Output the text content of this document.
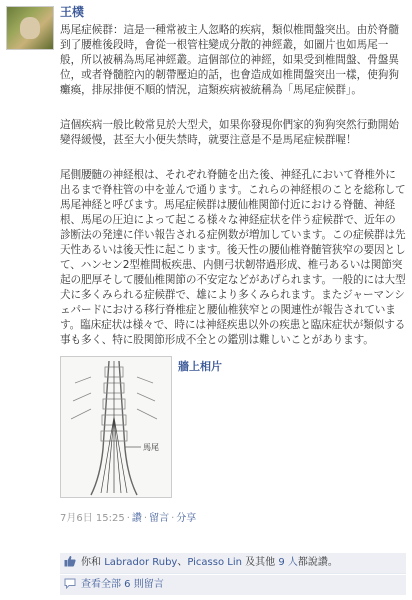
王樸

馬尾症候群：這是一種常被主人忽略的疾病，類似椎間盤突出。由於脊髓到了腰椎後段時，會從一根管柱變成分散的神經叢，如圖片也如馬尾一般，所以被稱為馬尾神經叢。這個部位的神經，如果受到椎間盤、骨盤異位，或者脊髓腔內的韌帶壓迫的話，也會造成如椎間盤突出一樣，使狗狗癱瘓，排尿排便不順的情況，這類疾病被統稱為「馬尾症候群」。

這個疾病一般比較常見於大型犬，如果你發現你們家的狗狗突然行動開始變得緩慢，甚至大小便失禁時，就要注意是不是馬尾症候群喔！

尾側腰髄の神経根は、それぞれ脊髄を出た後、神経孔において脊椎外に出るまで脊柱管の中を並んで通ります。これらの神経根のことを総称して馬尾神経と呼びます。馬尾症候群は腰仙椎関節付近における脊髄、神経根、馬尾の圧迫によって起こる様々な神経症状を伴う症候群で、近年の診断法の発達に伴い報告される症例数が増加しています。この症候群は先天性あるいは後天性に起こります。後天性の腰仙椎脊髄管狭窄の要因として、ハンセン2型椎間板疾患、内側弓状韌帯過形成、椎弓あるいは関節突起の肥厚そして腰仙椎関節の不安定などがあげられます。一般的には大型犬に多くみられる症候群で、雄により多くみられます。またジャーマンシェパードにおける移行脊椎症と腰仙椎狭窄との関連性が報告されています。臨床症状は様々で、時には神経疾患以外の疾患と臨床症状が類似する事も多く、特に股関節形成不全との鑑別は難しいことがあります。

馬尾
牆上相片
7月6日 15:25 · 讚 · 留言 · 分享
你和 Labrador Ruby、Picasso Lin 及其他 9 人都說讚。
查看全部 6 則留言
